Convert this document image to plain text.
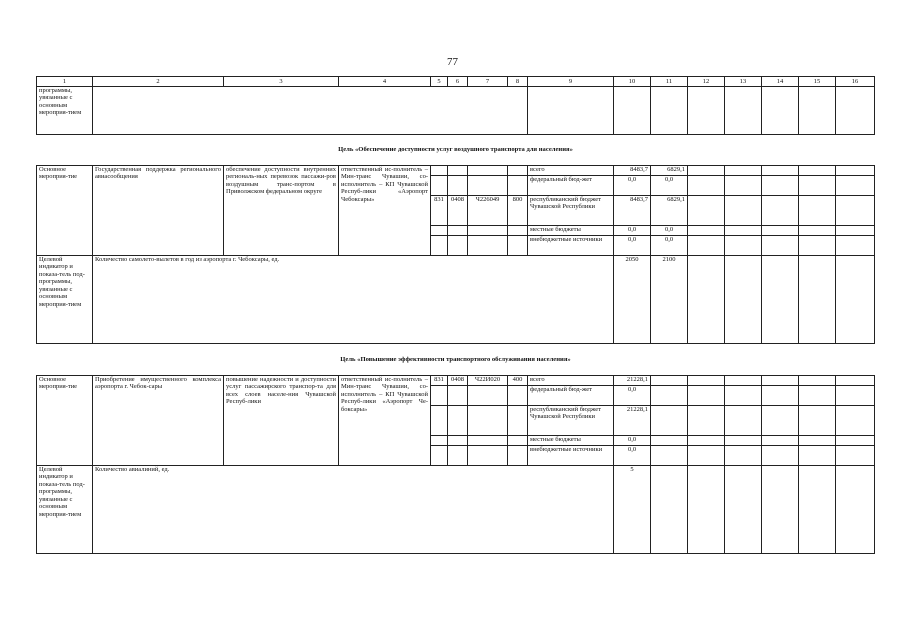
77
1	2	3	4	5	6	7	8	9	10	11	12	13	14	15	16
программы, увязанные с основным мероприя-тием															
Цель «Обеспечение доступности услуг воздушного транспорта для населения»															
Основное мероприя-тие	Государственная поддержка регионального авиасообщения	обеспечение доступности внутренних региональ-ных перевозок пассажи-ров воздушным транс-портом в Приволжском федеральном округе	ответственный ис-полнитель – Мин-транс Чувашии, со-исполнитель – КП Чувашской Респуб-лики «Аэропорт Чебоксары»					всего	8483,7	6829,1					
								федеральный бюд-жет	0,0	0,0					
				831	0408	Ч226049	800	республиканский бюджет Чувашской Республики	8483,7	6829,1					
								местные бюджеты	0,0	0,0					
								внебюджетные источники	0,0	0,0					
Целевой индикатор и показа-тель под-программы, увязанные с основным мероприя-тием	Количество самолето-вылетов в год из аэропорта г. Чебоксары, ед.								2050	2100					
Цель «Повышение эффективности транспортного обслуживания населения»															
Основное мероприя-тие	Приобретение имущественного комплекса аэропорта г. Чебок-сары	повышение надежности и доступности услуг пассажирского транспор-та для всех слоев населе-ния Чувашской Респуб-лики	ответственный ис-полнитель – Мин-транс Чувашии, со-исполнитель – КП Чувашской Респуб-лики «Аэропорт Че-боксары»	831	0408	Ч22И020	400	всего	21228,1						
								федеральный бюд-жет	0,0						
								республиканский бюджет Чувашской Республики	21228,1						
								местные бюджеты	0,0						
								внебюджетные источники	0,0						
Целевой индикатор и показа-тель под-программы, увязанные с основным мероприя-тием	Количество авиалиний, ед.								5						
